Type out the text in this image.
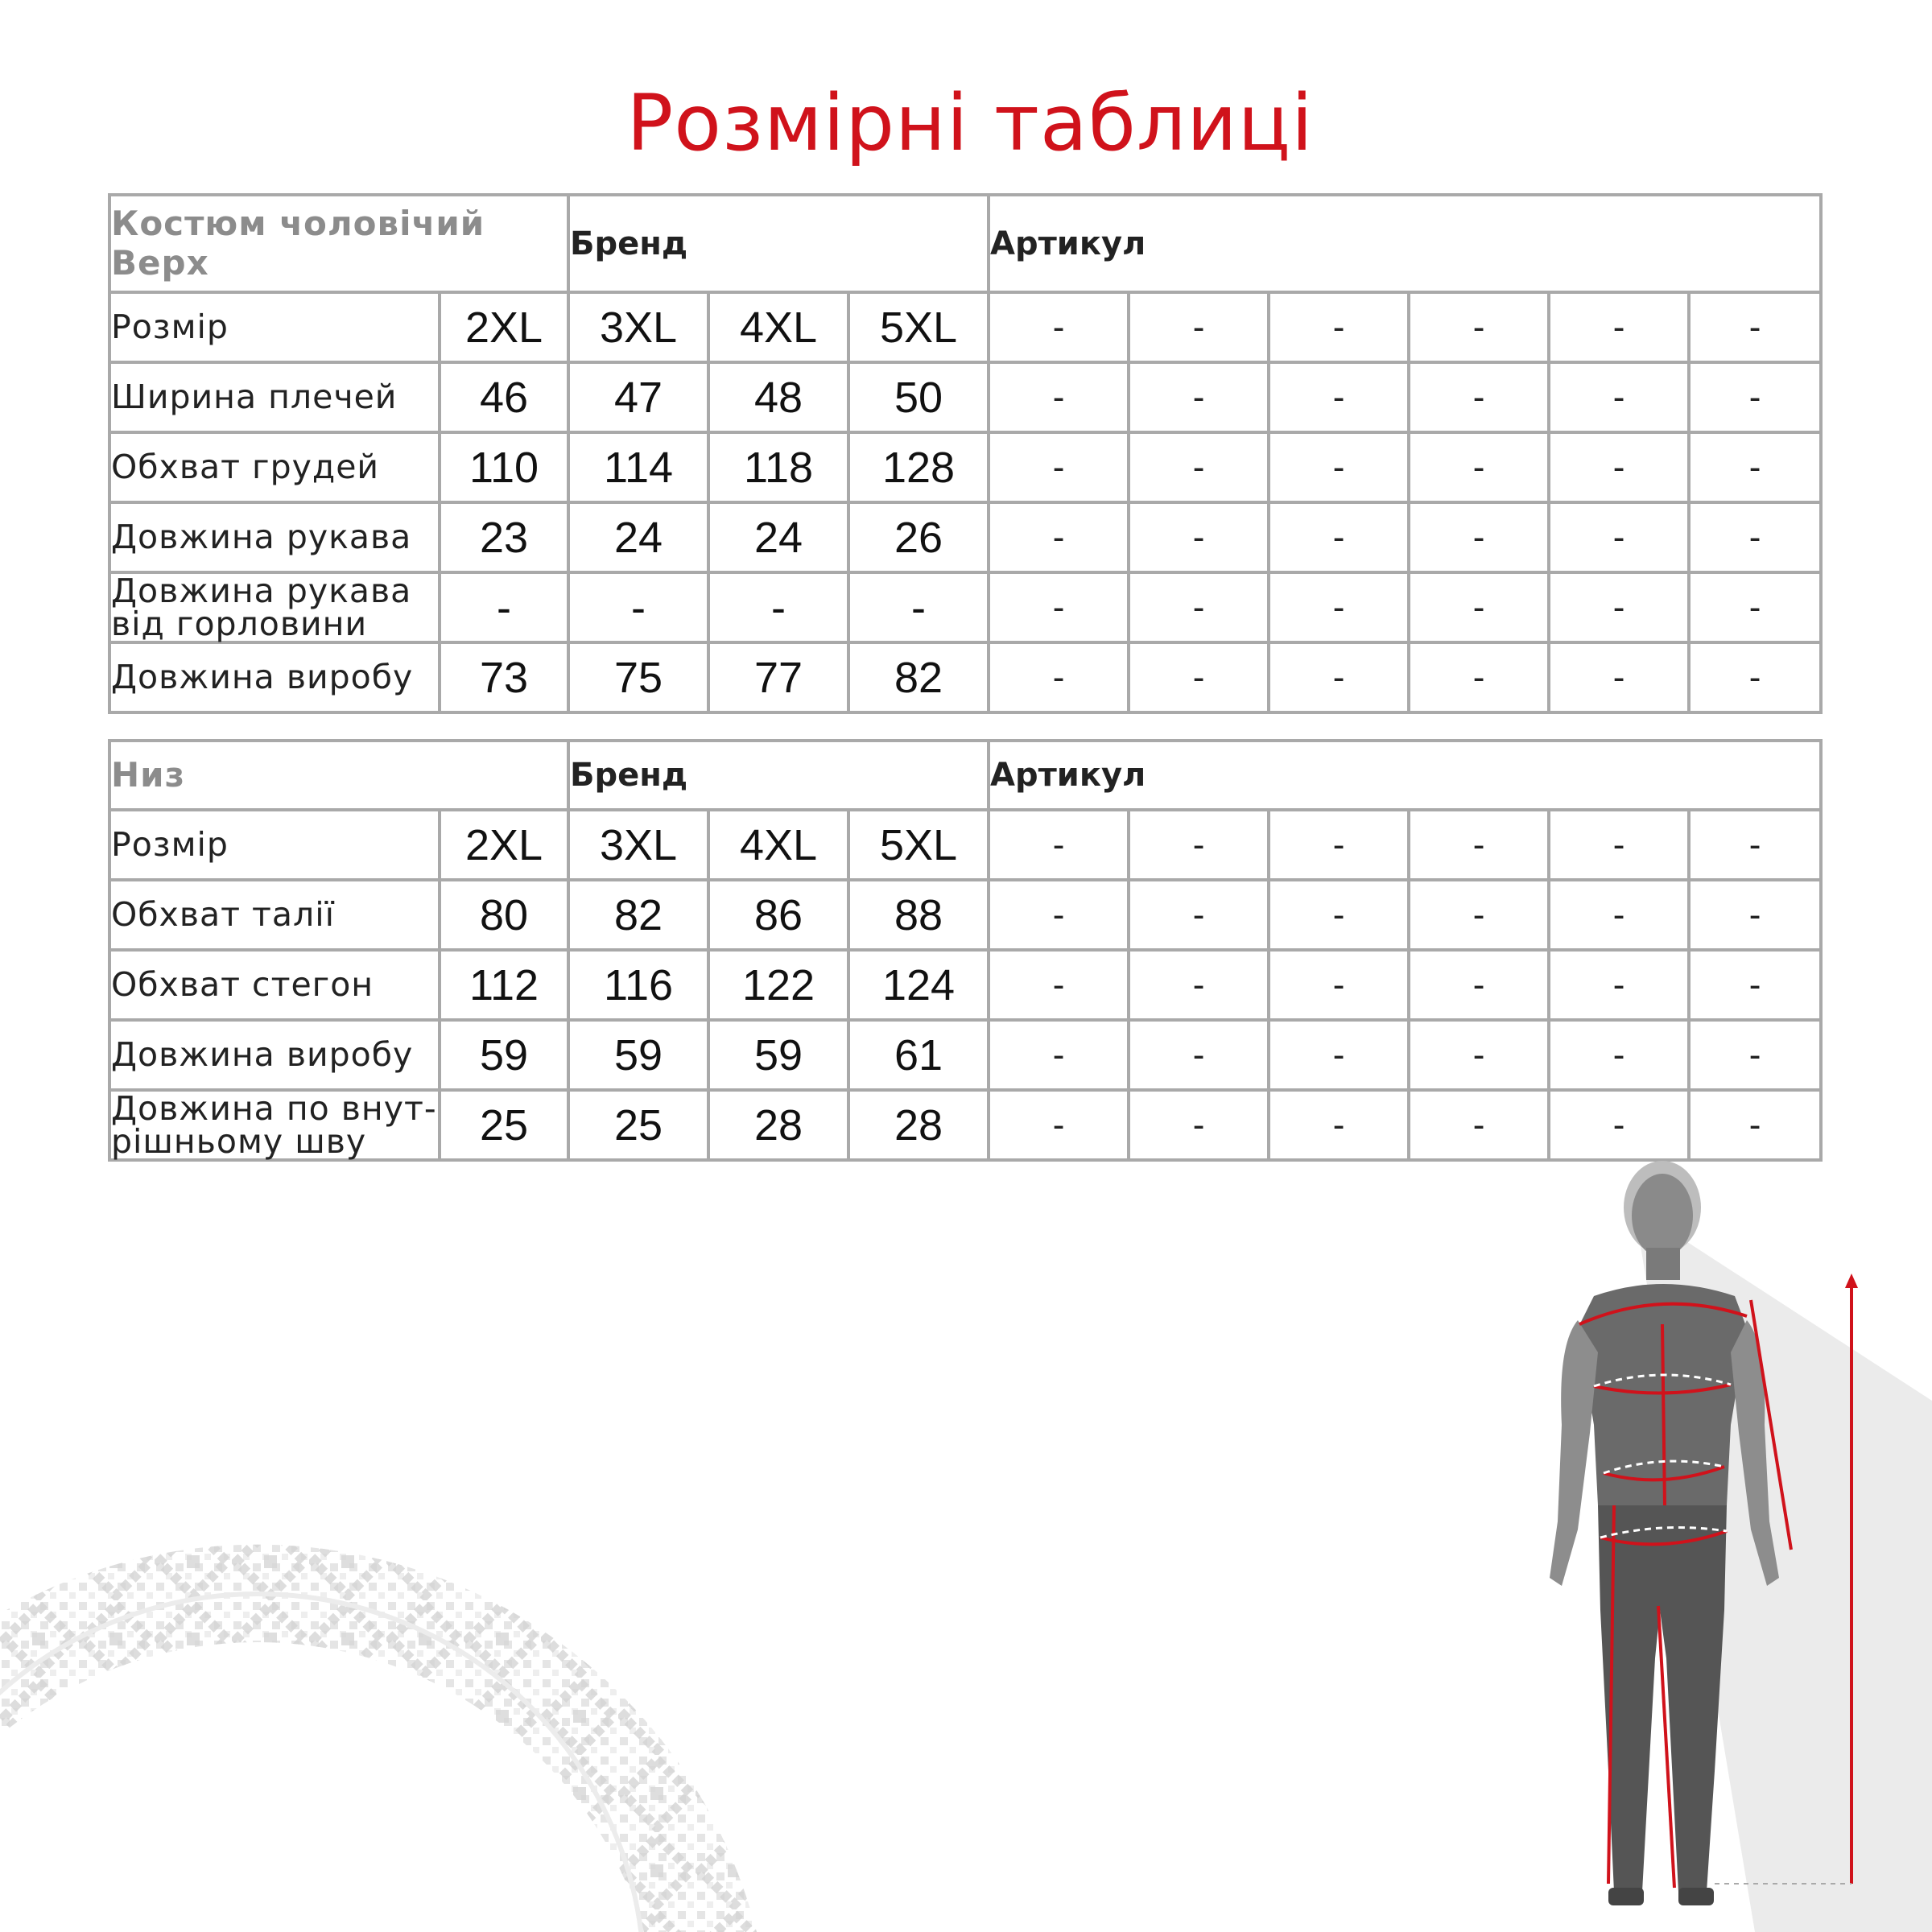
Розмірні таблиці
Костюм чоловічий Верх		Бренд			Артикул					
Розмір	2XL	3XL	4XL	5XL	-	-	-	-	-	-
Ширина плечей	46	47	48	50	-	-	-	-	-	-
Обхват грудей	110	114	118	128	-	-	-	-	-	-
Довжина рукава	23	24	24	26	-	-	-	-	-	-
Довжина рукава від горловини	-	-	-	-	-	-	-	-	-	-
Довжина виробу	73	75	77	82	-	-	-	-	-	-
Низ		Бренд			Артикул					
Розмір	2XL	3XL	4XL	5XL	-	-	-	-	-	-
Обхват талії	80	82	86	88	-	-	-	-	-	-
Обхват стегон	112	116	122	124	-	-	-	-	-	-
Довжина виробу	59	59	59	61	-	-	-	-	-	-
Довжина по внут-рішньому шву	25	25	28	28	-	-	-	-	-	-
